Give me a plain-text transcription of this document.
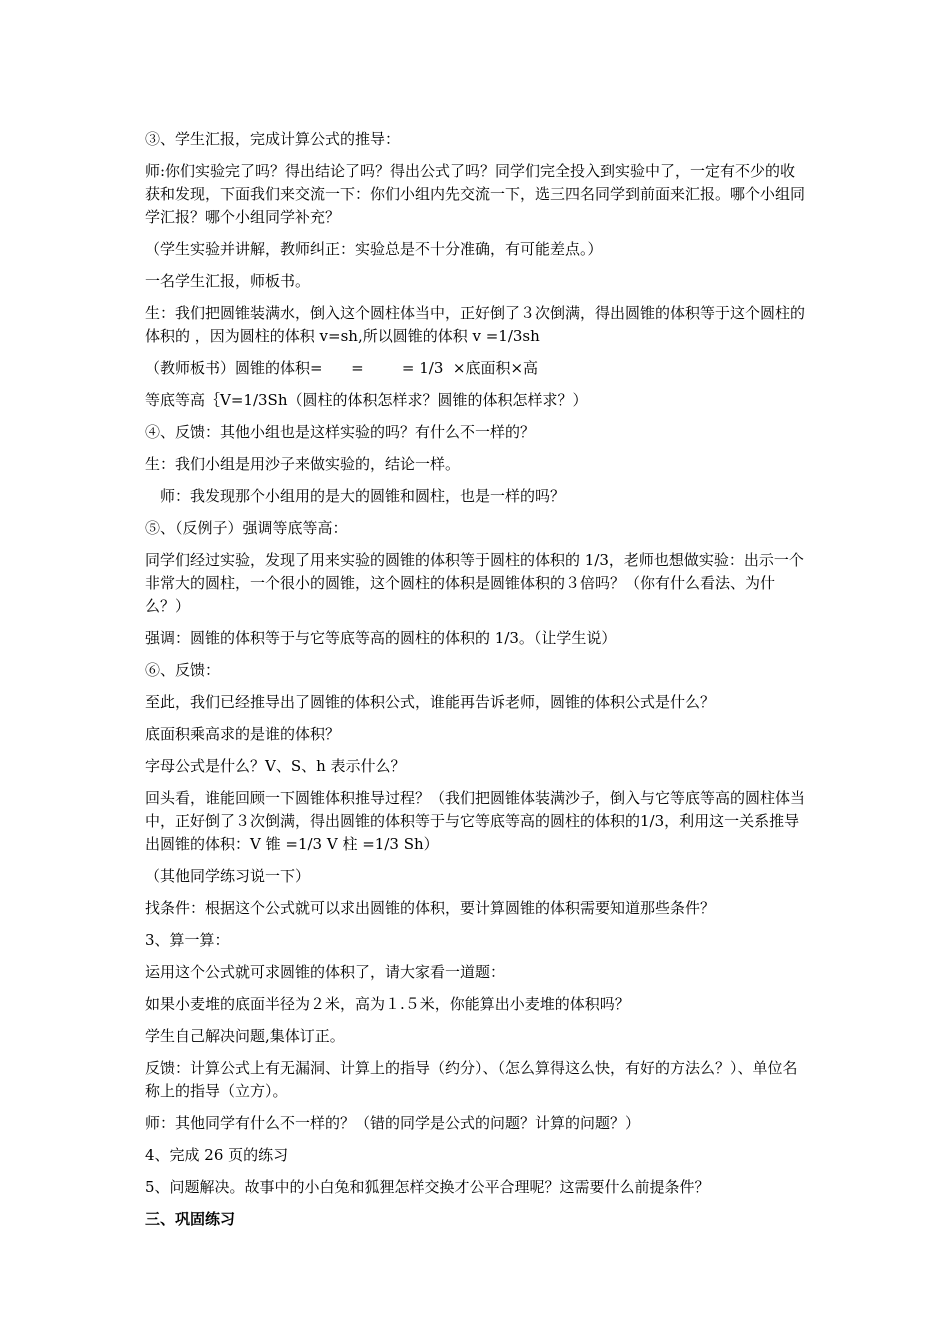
③、学生汇报，完成计算公式的推导：

师:你们实验完了吗？得出结论了吗？得出公式了吗？同学们完全投入到实验中了，一定有不少的收获和发现，下面我们来交流一下：你们小组内先交流一下，选三四名同学到前面来汇报。哪个小组同学汇报？哪个小组同学补充？

（学生实验并讲解，教师纠正：实验总是不十分准确，有可能差点。）

一名学生汇报，师板书。

生：我们把圆锥装满水，倒入这个圆柱体当中，正好倒了３次倒满，得出圆锥的体积等于这个圆柱的体积的 ，因为圆柱的体积 v=sh,所以圆锥的体积 v =1/3sh

（教师板书）圆锥的体积=      =        = 1/3  ×底面积×高

等底等高｛V=1/3Sh（圆柱的体积怎样求？圆锥的体积怎样求？）

④、反馈：其他小组也是这样实验的吗？有什么不一样的？

生：我们小组是用沙子来做实验的，结论一样。

师：我发现那个小组用的是大的圆锥和圆柱，也是一样的吗？

⑤、（反例子）强调等底等高：

同学们经过实验，发现了用来实验的圆锥的体积等于圆柱的体积的 1/3，老师也想做实验：出示一个非常大的圆柱，一个很小的圆锥，这个圆柱的体积是圆锥体积的３倍吗？（你有什么看法、为什么？）

强调：圆锥的体积等于与它等底等高的圆柱的体积的 1/3。（让学生说）

⑥、反馈：

至此，我们已经推导出了圆锥的体积公式，谁能再告诉老师，圆锥的体积公式是什么？

底面积乘高求的是谁的体积？

字母公式是什么？V、S、h 表示什么？

回头看，谁能回顾一下圆锥体积推导过程？（我们把圆锥体装满沙子，倒入与它等底等高的圆柱体当中，正好倒了３次倒满，得出圆锥的体积等于与它等底等高的圆柱的体积的1/3，利用这一关系推导出圆锥的体积：V 锥 =1/3 V 柱 =1/3 Sh）

（其他同学练习说一下）

找条件：根据这个公式就可以求出圆锥的体积，要计算圆锥的体积需要知道那些条件？

3、算一算：

运用这个公式就可求圆锥的体积了，请大家看一道题：

如果小麦堆的底面半径为２米，高为１.５米，你能算出小麦堆的体积吗？

学生自己解决问题,集体订正。

反馈：计算公式上有无漏洞、计算上的指导（约分）、（怎么算得这么快，有好的方法么？）、单位名称上的指导（立方）。

师：其他同学有什么不一样的？（错的同学是公式的问题？计算的问题？）

4、完成 26 页的练习

5、问题解决。故事中的小白兔和狐狸怎样交换才公平合理呢？这需要什么前提条件？

三、巩固练习
